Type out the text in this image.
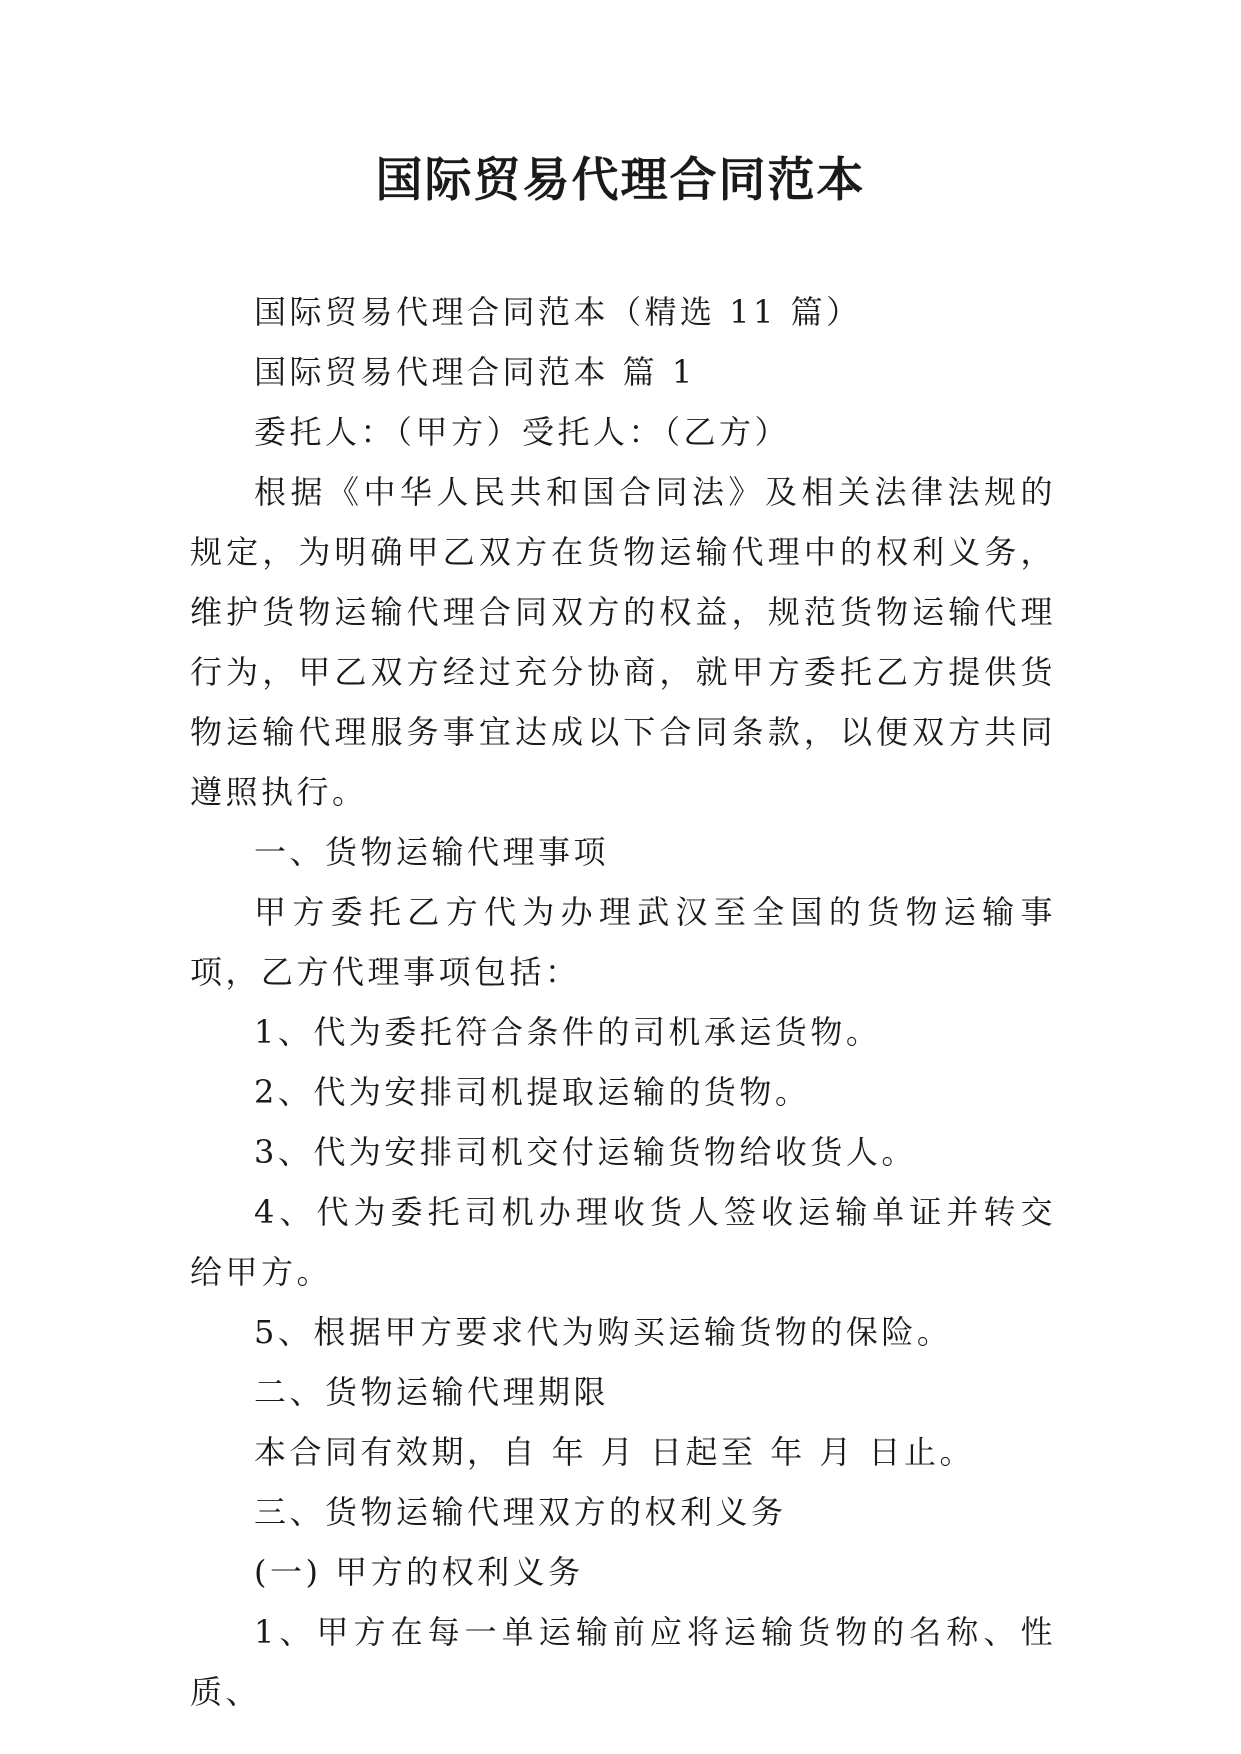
国际贸易代理合同范本

国际贸易代理合同范本（精选 11 篇）

国际贸易代理合同范本 篇 1

委托人：（甲方）受托人：（乙方）

根据《中华人民共和国合同法》及相关法律法规的规定，为明确甲乙双方在货物运输代理中的权利义务，维护货物运输代理合同双方的权益，规范货物运输代理行为，甲乙双方经过充分协商，就甲方委托乙方提供货物运输代理服务事宜达成以下合同条款，以便双方共同遵照执行。

一、货物运输代理事项

甲方委托乙方代为办理武汉至全国的货物运输事项，乙方代理事项包括：

1、代为委托符合条件的司机承运货物。

2、代为安排司机提取运输的货物。

3、代为安排司机交付运输货物给收货人。

4、代为委托司机办理收货人签收运输单证并转交给甲方。

5、根据甲方要求代为购买运输货物的保险。

二、货物运输代理期限

本合同有效期，自 年 月 日起至 年 月 日止。

三、货物运输代理双方的权利义务

(一) 甲方的权利义务

1、甲方在每一单运输前应将运输货物的名称、性质、
